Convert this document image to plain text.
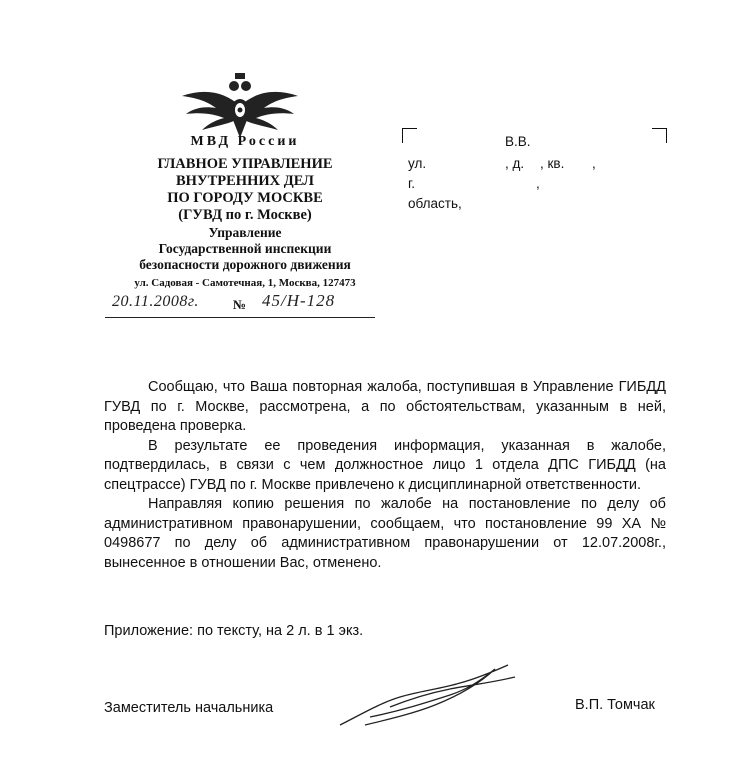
МВД России
ГЛАВНОЕ УПРАВЛЕНИЕ
ВНУТРЕННИХ ДЕЛ
ПО ГОРОДУ МОСКВЕ
(ГУВД по г. Москве)
Управление
Государственной инспекции
безопасности дорожного движения
ул. Садовая - Самотечная, 1, Москва, 127473
20.11.2008г.	№ 45/Н-128
В.В.
ул.	, д. , кв. ,
г.	,
область,

Сообщаю, что Ваша повторная жалоба, поступившая в Управление ГИБДД ГУВД по г. Москве, рассмотрена, а по обстоятельствам, указанным в ней, проведена проверка.

В результате ее проведения информация, указанная в жалобе, подтвердилась, в связи с чем должностное лицо 1 отдела ДПС ГИБДД (на спецтрассе) ГУВД по г. Москве привлечено к дисциплинарной ответственности.

Направляя копию решения по жалобе на постановление по делу об административном правонарушении, сообщаем, что постановление 99 ХА № 0498677 по делу об административном правонарушении от 12.07.2008г., вынесенное в отношении Вас, отменено.

Приложение: по тексту, на 2 л. в 1 экз.
Заместитель начальника	В.П. Томчак
